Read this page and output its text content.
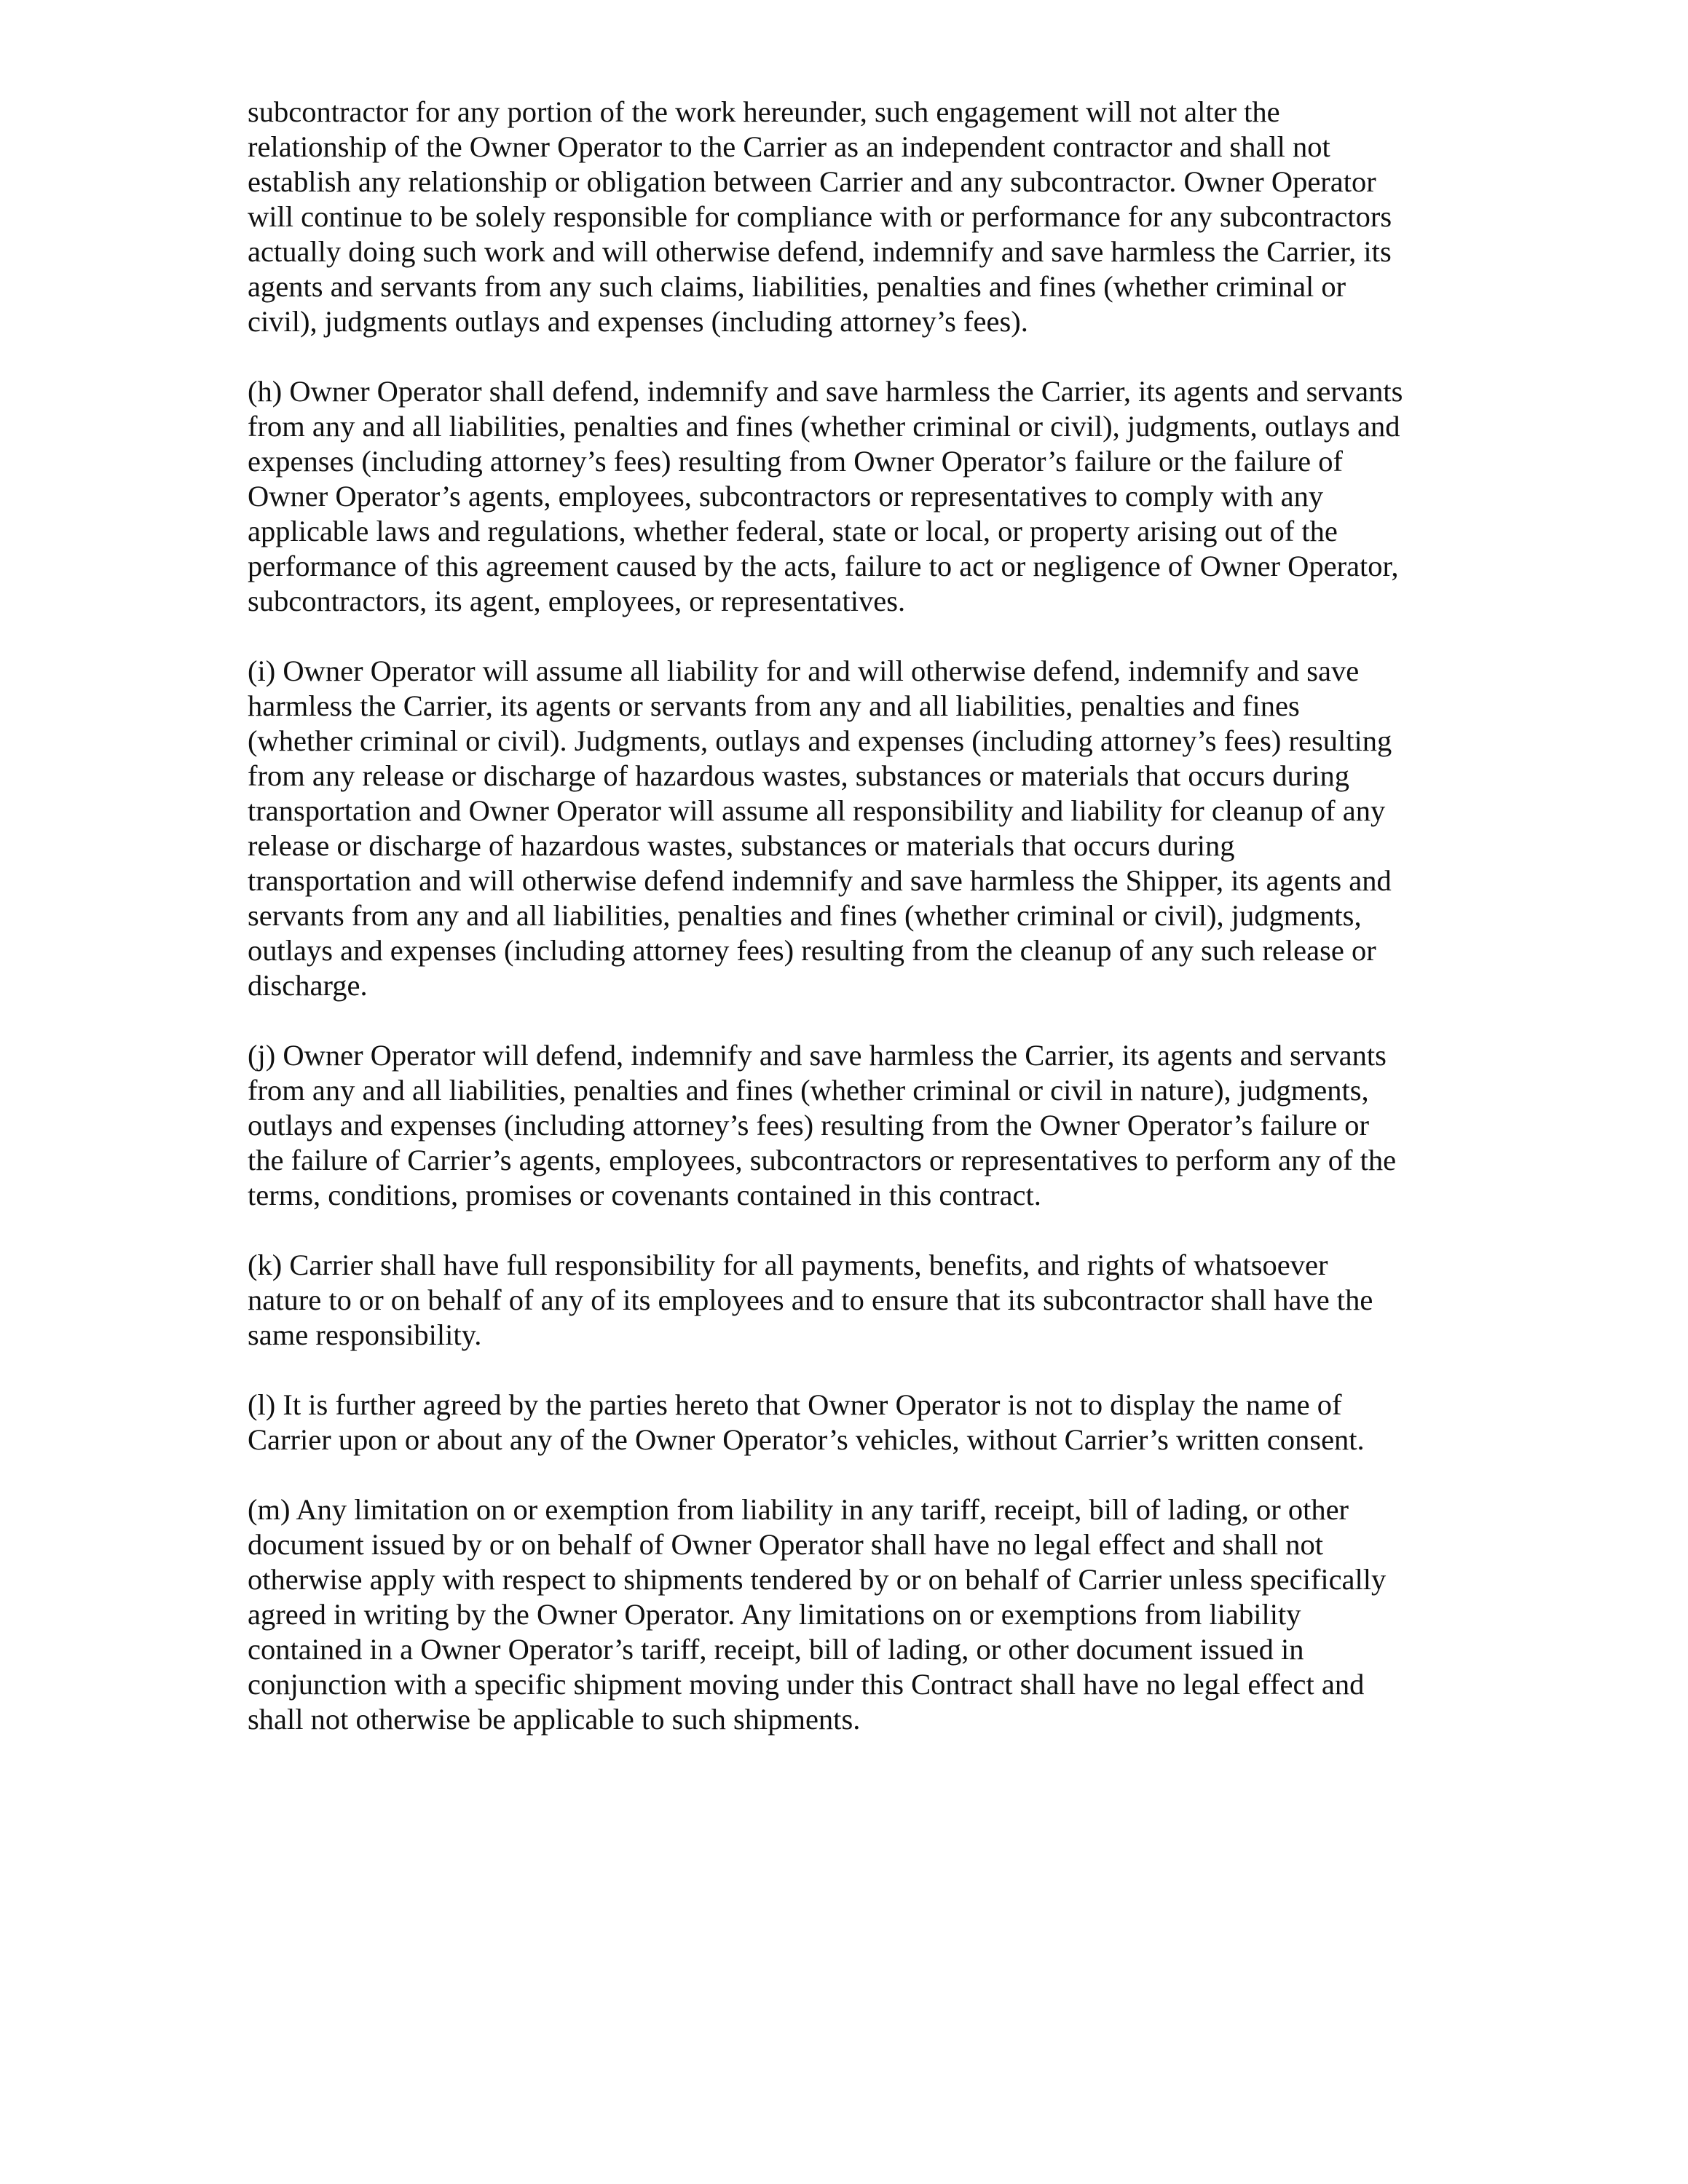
subcontractor for any portion of the work hereunder, such engagement will not alter the
relationship of the Owner Operator to the Carrier as an independent contractor and shall not
establish any relationship or obligation between Carrier and any subcontractor. Owner Operator
will continue to be solely responsible for compliance with or performance for any subcontractors
actually doing such work and will otherwise defend, indemnify and save harmless the Carrier, its
agents and servants from any such claims, liabilities, penalties and fines (whether criminal or
civil), judgments outlays and expenses (including attorney’s fees).

(h) Owner Operator shall defend, indemnify and save harmless the Carrier, its agents and servants
from any and all liabilities, penalties and fines (whether criminal or civil), judgments, outlays and
expenses (including attorney’s fees) resulting from Owner Operator’s failure or the failure of
Owner Operator’s agents, employees, subcontractors or representatives to comply with any
applicable laws and regulations, whether federal, state or local, or property arising out of the
performance of this agreement caused by the acts, failure to act or negligence of Owner Operator,
subcontractors, its agent, employees, or representatives.

(i) Owner Operator will assume all liability for and will otherwise defend, indemnify and save
harmless the Carrier, its agents or servants from any and all liabilities, penalties and fines
(whether criminal or civil). Judgments, outlays and expenses (including attorney’s fees) resulting
from any release or discharge of hazardous wastes, substances or materials that occurs during
transportation and Owner Operator will assume all responsibility and liability for cleanup of any
release or discharge of hazardous wastes, substances or materials that occurs during
transportation and will otherwise defend indemnify and save harmless the Shipper, its agents and
servants from any and all liabilities, penalties and fines (whether criminal or civil), judgments,
outlays and expenses (including attorney fees) resulting from the cleanup of any such release or
discharge.

(j) Owner Operator will defend, indemnify and save harmless the Carrier, its agents and servants
from any and all liabilities, penalties and fines (whether criminal or civil in nature), judgments,
outlays and expenses (including attorney’s fees) resulting from the Owner Operator’s failure or
the failure of Carrier’s agents, employees, subcontractors or representatives to perform any of the
terms, conditions, promises or covenants contained in this contract.

(k) Carrier shall have full responsibility for all payments, benefits, and rights of whatsoever
nature to or on behalf of any of its employees and to ensure that its subcontractor shall have the
same responsibility.

(l) It is further agreed by the parties hereto that Owner Operator is not to display the name of
Carrier upon or about any of the Owner Operator’s vehicles, without Carrier’s written consent.

(m) Any limitation on or exemption from liability in any tariff, receipt, bill of lading, or other
document issued by or on behalf of Owner Operator shall have no legal effect and shall not
otherwise apply with respect to shipments tendered by or on behalf of Carrier unless specifically
agreed in writing by the Owner Operator. Any limitations on or exemptions from liability
contained in a Owner Operator’s tariff, receipt, bill of lading, or other document issued in
conjunction with a specific shipment moving under this Contract shall have no legal effect and
shall not otherwise be applicable to such shipments.
